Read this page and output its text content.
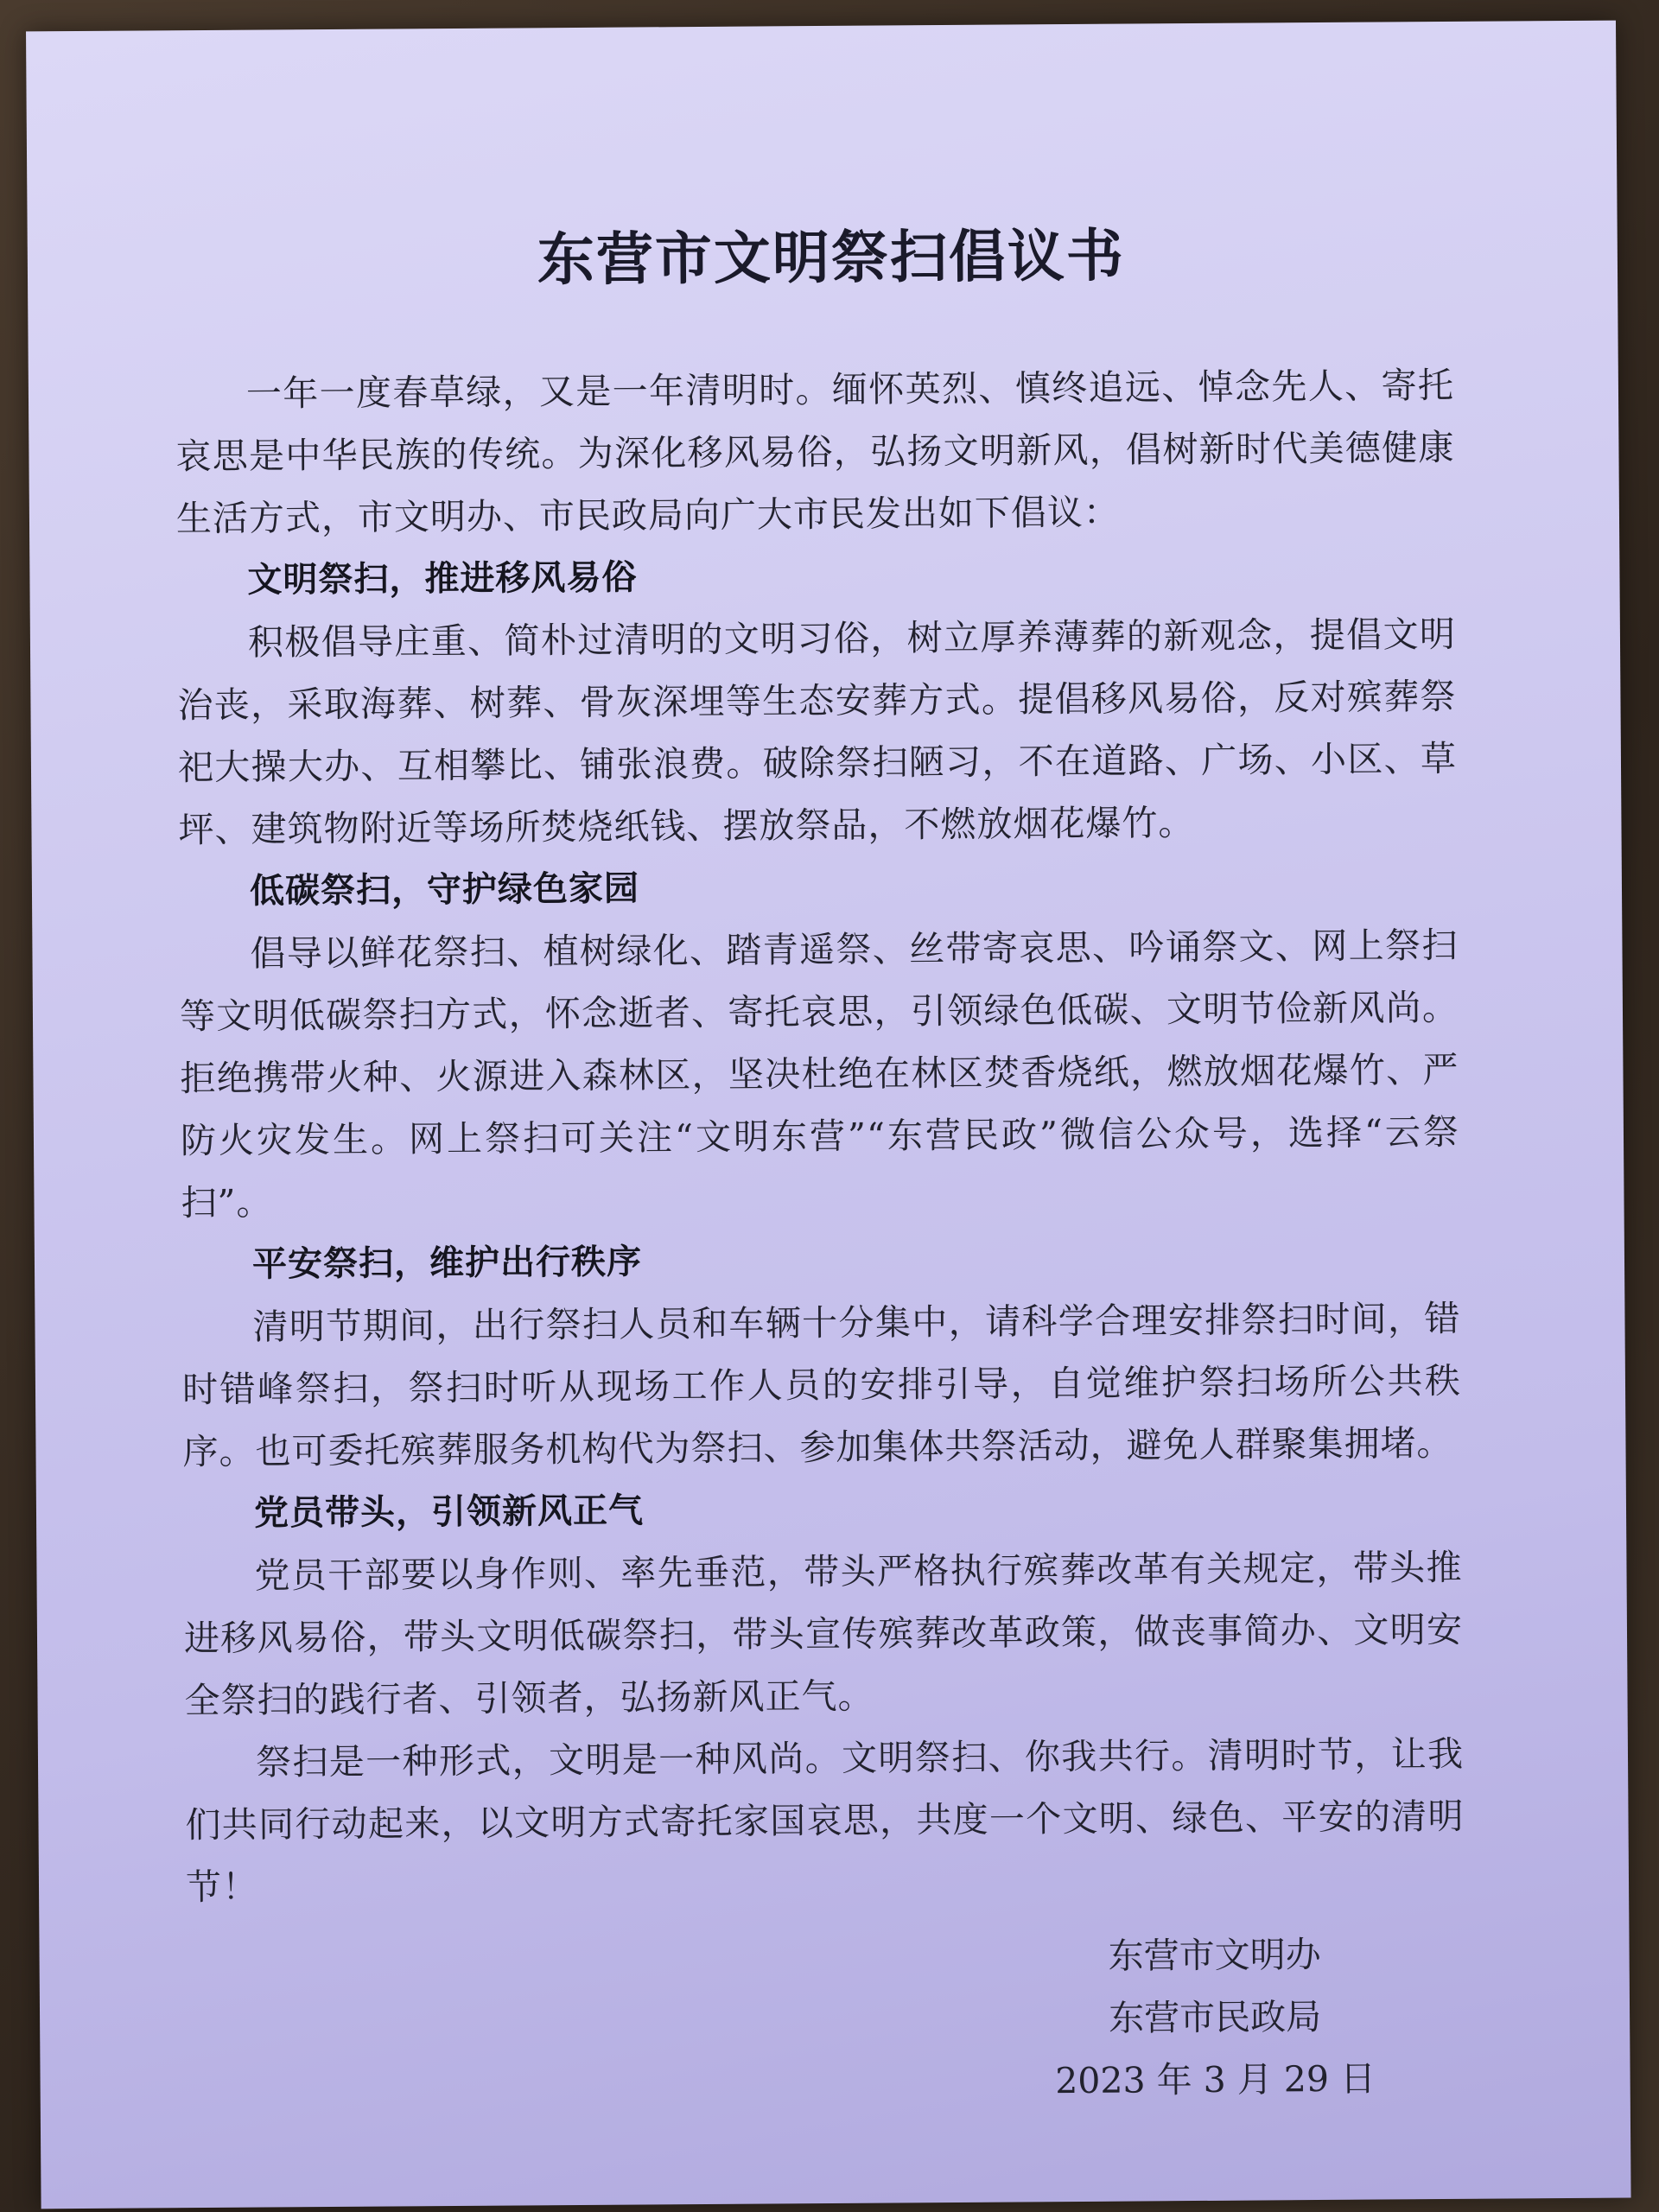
东营市文明祭扫倡议书

一年一度春草绿，又是一年清明时。缅怀英烈、慎终追远、悼念先人、寄托哀思是中华民族的传统。为深化移风易俗，弘扬文明新风，倡树新时代美德健康生活方式，市文明办、市民政局向广大市民发出如下倡议：

文明祭扫，推进移风易俗

积极倡导庄重、简朴过清明的文明习俗，树立厚养薄葬的新观念，提倡文明治丧，采取海葬、树葬、骨灰深埋等生态安葬方式。提倡移风易俗，反对殡葬祭祀大操大办、互相攀比、铺张浪费。破除祭扫陋习，不在道路、广场、小区、草坪、建筑物附近等场所焚烧纸钱、摆放祭品，不燃放烟花爆竹。

低碳祭扫，守护绿色家园

倡导以鲜花祭扫、植树绿化、踏青遥祭、丝带寄哀思、吟诵祭文、网上祭扫等文明低碳祭扫方式，怀念逝者、寄托哀思，引领绿色低碳、文明节俭新风尚。拒绝携带火种、火源进入森林区，坚决杜绝在林区焚香烧纸，燃放烟花爆竹、严防火灾发生。网上祭扫可关注“文明东营”“东营民政”微信公众号，选择“云祭扫”。

平安祭扫，维护出行秩序

清明节期间，出行祭扫人员和车辆十分集中，请科学合理安排祭扫时间，错时错峰祭扫，祭扫时听从现场工作人员的安排引导，自觉维护祭扫场所公共秩序。也可委托殡葬服务机构代为祭扫、参加集体共祭活动，避免人群聚集拥堵。

党员带头，引领新风正气

党员干部要以身作则、率先垂范，带头严格执行殡葬改革有关规定，带头推进移风易俗，带头文明低碳祭扫，带头宣传殡葬改革政策，做丧事简办、文明安全祭扫的践行者、引领者，弘扬新风正气。

祭扫是一种形式，文明是一种风尚。文明祭扫、你我共行。清明时节，让我们共同行动起来，以文明方式寄托家国哀思，共度一个文明、绿色、平安的清明节！

东营市文明办
东营市民政局
2023 年 3 月 29 日
